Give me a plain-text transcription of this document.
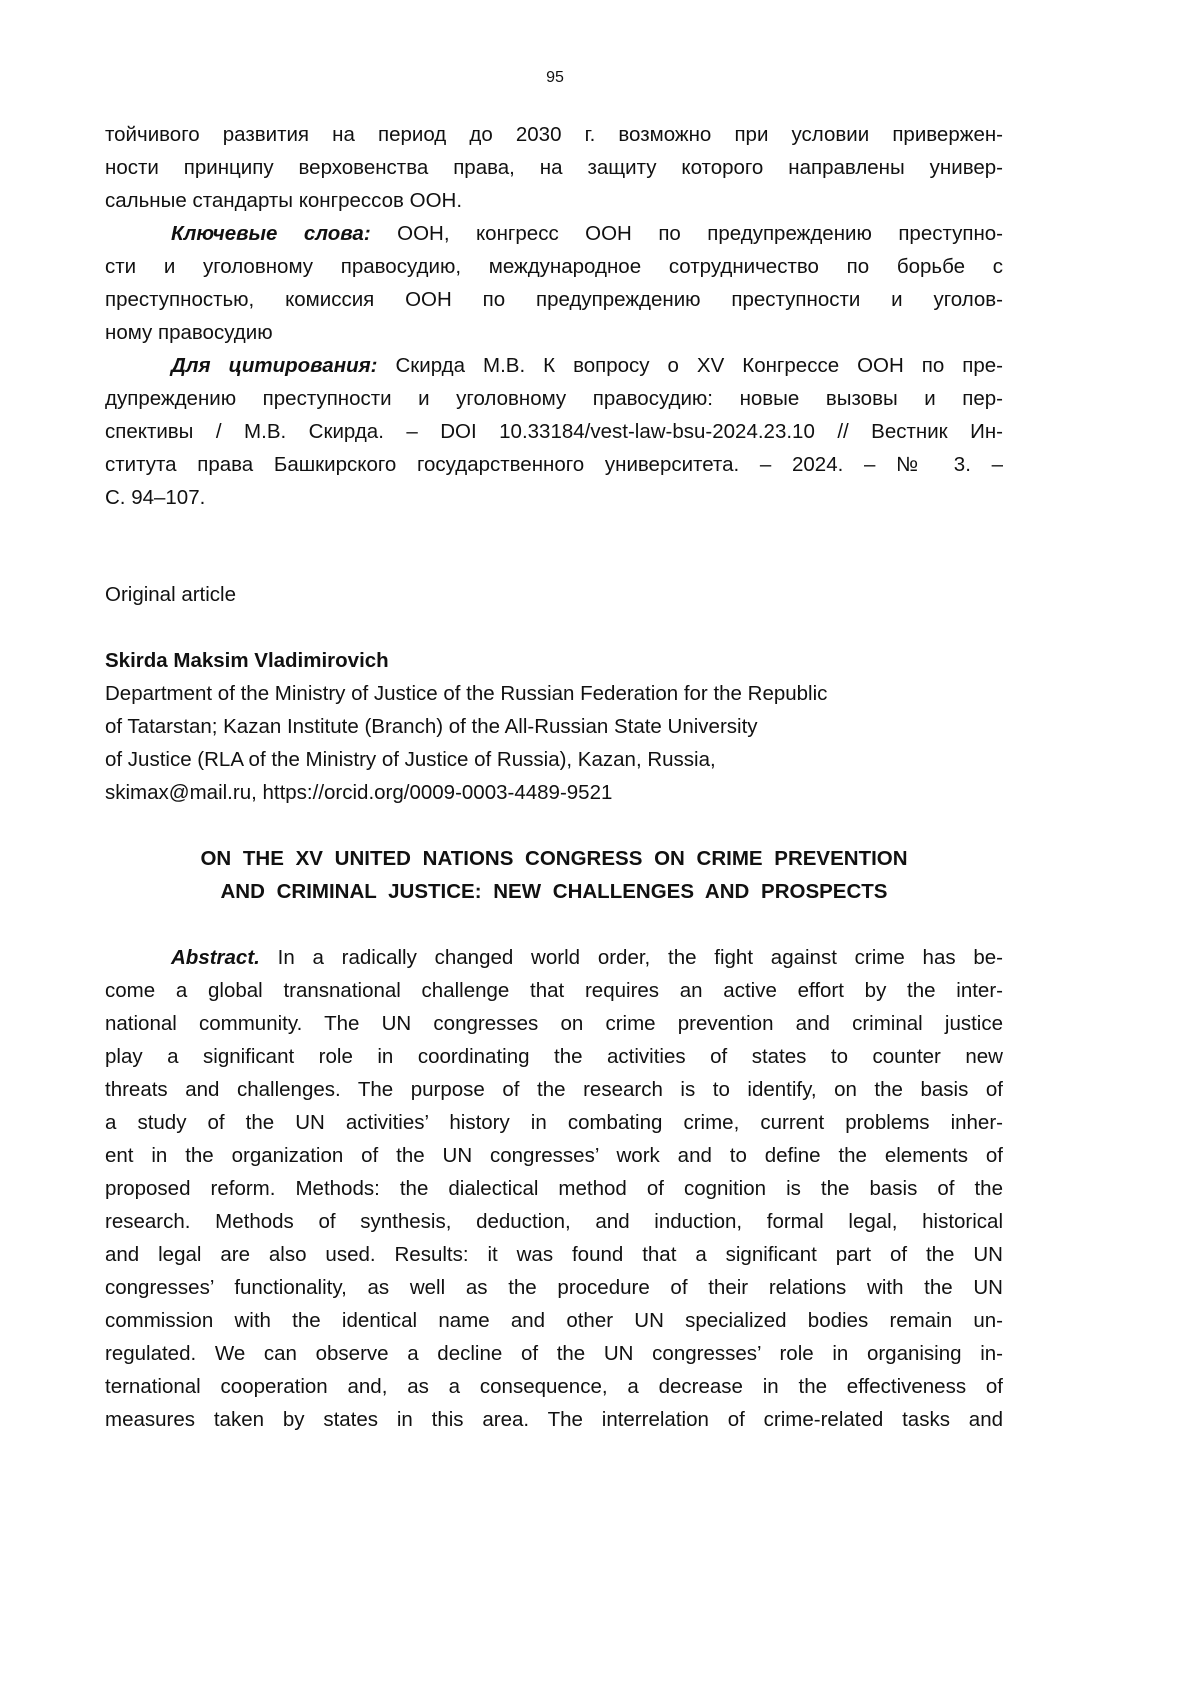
95
тойчивого развития на период до 2030 г. возможно при условии привержен-
ности принципу верховенства права, на защиту которого направлены универ-
сальные стандарты конгрессов ООН.
Ключевые слова: ООН, конгресс ООН по предупреждению преступно-
сти и уголовному правосудию, международное сотрудничество по борьбе с
преступностью, комиссия ООН по предупреждению преступности и уголов-
ному правосудию
Для цитирования: Скирда М.В. К вопросу о XV Конгрессе ООН по пре-
дупреждению преступности и уголовному правосудию: новые вызовы и пер-
спективы / М.В. Скирда. – DOI 10.33184/vest-law-bsu-2024.23.10 // Вестник Ин-
ститута права Башкирского государственного университета. – 2024. – № 3. –
С. 94–107.
Original article
Skirda Maksim Vladimirovich
Department of the Ministry of Justice of the Russian Federation for the Republic
of Tatarstan; Kazan Institute (Branch) of the All-Russian State University
of Justice (RLA of the Ministry of Justice of Russia), Kazan, Russia,
skimax@mail.ru, https://orcid.org/0009-0003-4489-9521
ON THE XV UNITED NATIONS CONGRESS ON CRIME PREVENTION
AND CRIMINAL JUSTICE: NEW CHALLENGES AND PROSPECTS
Abstract. In a radically changed world order, the fight against crime has be-
come a global transnational challenge that requires an active effort by the inter-
national community. The UN congresses on crime prevention and criminal justice
play a significant role in coordinating the activities of states to counter new
threats and challenges. The purpose of the research is to identify, on the basis of
a study of the UN activities’ history in combating crime, current problems inher-
ent in the organization of the UN congresses’ work and to define the elements of
proposed reform. Methods: the dialectical method of cognition is the basis of the
research. Methods of synthesis, deduction, and induction, formal legal, historical
and legal are also used. Results: it was found that a significant part of the UN
congresses’ functionality, as well as the procedure of their relations with the UN
commission with the identical name and other UN specialized bodies remain un-
regulated. We can observe a decline of the UN congresses’ role in organising in-
ternational cooperation and, as a consequence, a decrease in the effectiveness of
measures taken by states in this area. The interrelation of crime-related tasks and
